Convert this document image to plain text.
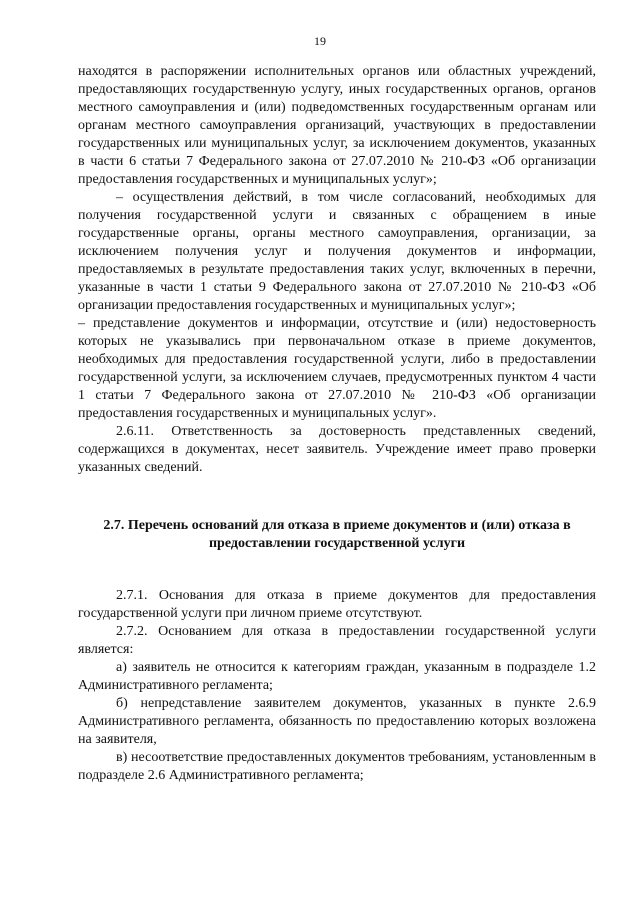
19

находятся в распоряжении исполнительных органов или областных учреждений, предоставляющих государственную услугу, иных государственных органов, органов местного самоуправления и (или) подведомственных государственным органам или органам местного самоуправления организаций, участвующих в предоставлении государственных или муниципальных услуг, за исключением документов, указанных в части 6 статьи 7 Федерального закона от 27.07.2010 № 210-ФЗ «Об организации предоставления государственных и муниципальных услуг»;

– осуществления действий, в том числе согласований, необходимых для получения государственной услуги и связанных с обращением в иные государственные органы, органы местного самоуправления, организации, за исключением получения услуг и получения документов и информации, предоставляемых в результате предоставления таких услуг, включенных в перечни, указанные в части 1 статьи 9 Федерального закона от 27.07.2010 № 210-ФЗ «Об организации предоставления государственных и муниципальных услуг»;

– представление документов и информации, отсутствие и (или) недостоверность которых не указывались при первоначальном отказе в приеме документов, необходимых для предоставления государственной услуги, либо в предоставлении государственной услуги, за исключением случаев, предусмотренных пунктом 4 части 1 статьи 7 Федерального закона от 27.07.2010 № 210-ФЗ «Об организации предоставления государственных и муниципальных услуг».

2.6.11. Ответственность за достоверность представленных сведений, содержащихся в документах, несет заявитель. Учреждение имеет право проверки указанных сведений.

2.7. Перечень оснований для отказа в приеме документов и (или) отказа в
предоставлении государственной услуги

2.7.1. Основания для отказа в приеме документов для предоставления государственной услуги при личном приеме отсутствуют.

2.7.2. Основанием для отказа в предоставлении государственной услуги является:

а) заявитель не относится к категориям граждан, указанным в подразделе 1.2 Административного регламента;

б) непредставление заявителем документов, указанных в пункте 2.6.9 Административного регламента, обязанность по предоставлению которых возложена на заявителя,

в) несоответствие предоставленных документов требованиям, установленным в подразделе 2.6 Административного регламента;
